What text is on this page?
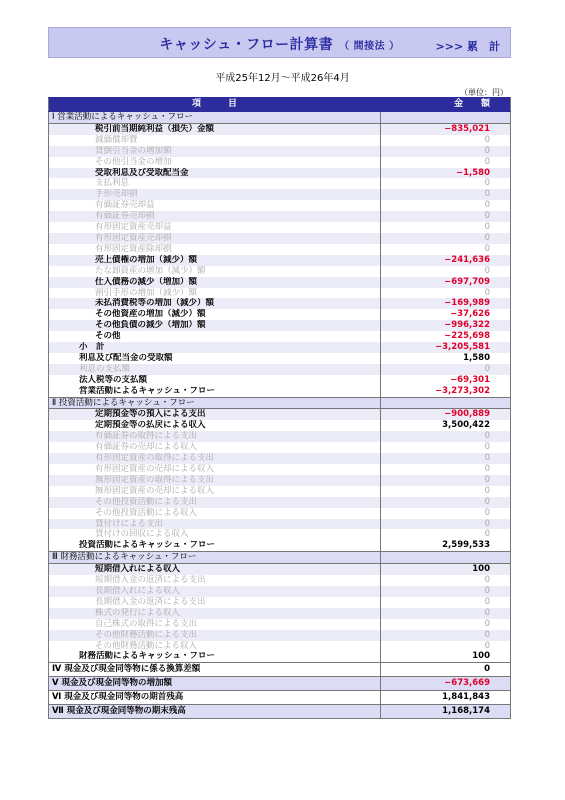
キャッシュ・フロー計算書 （ 間接法 ）	>>> 累　計
平成25年12月～平成26年4月
（単位：円）
項　　　目	金　　額
Ⅰ 営業活動によるキャッシュ・フロー	
税引前当期純利益（損失）金額	−835,021
減価償却費	0
貸倒引当金の増加額	0
その他引当金の増加	0
受取利息及び受取配当金	−1,580
支払利息	0
手形売却損	0
有価証券売却益	0
有価証券売却損	0
有形固定資産売却益	0
有形固定資産売却損	0
有形固定資産除却損	0
売上債権の増加（減少）額	−241,636
たな卸資産の増加（減少）額	0
仕入債務の減少（増加）額	−697,709
割引手形の増加（減少）額	0
未払消費税等の増加（減少）額	−169,989
その他資産の増加（減少）額	−37,626
その他負債の減少（増加）額	−996,322
その他	−225,698
小　計	−3,205,581
利息及び配当金の受取額	1,580
利息の支払額	0
法人税等の支払額	−69,301
営業活動によるキャッシュ・フロー	−3,273,302
Ⅱ 投資活動によるキャッシュ・フロー	
定期預金等の預入による支出	−900,889
定期預金等の払戻による収入	3,500,422
有価証券の取得による支出	0
有価証券の売却による収入	0
有形固定資産の取得による支出	0
有形固定資産の売却による収入	0
無形固定資産の取得による支出	0
無形固定資産の売却による収入	0
その他投資活動による支出	0
その他投資活動による収入	0
貸付けによる支出	0
貸付けの回収による収入	0
投資活動によるキャッシュ・フロー	2,599,533
Ⅲ 財務活動によるキャッシュ・フロー	
短期借入れによる収入	100
短期借入金の返済による支出	0
長期借入れによる収入	0
長期借入金の返済による支出	0
株式の発行による収入	0
自己株式の取得による支出	0
その他財務活動による支出	0
その他財務活動による収入	0
財務活動によるキャッシュ・フロー	100
Ⅳ 現金及び現金同等物に係る換算差額	0
Ⅴ 現金及び現金同等物の増加額	−673,669
Ⅵ 現金及び現金同等物の期首残高	1,841,843
Ⅶ 現金及び現金同等物の期末残高	1,168,174
